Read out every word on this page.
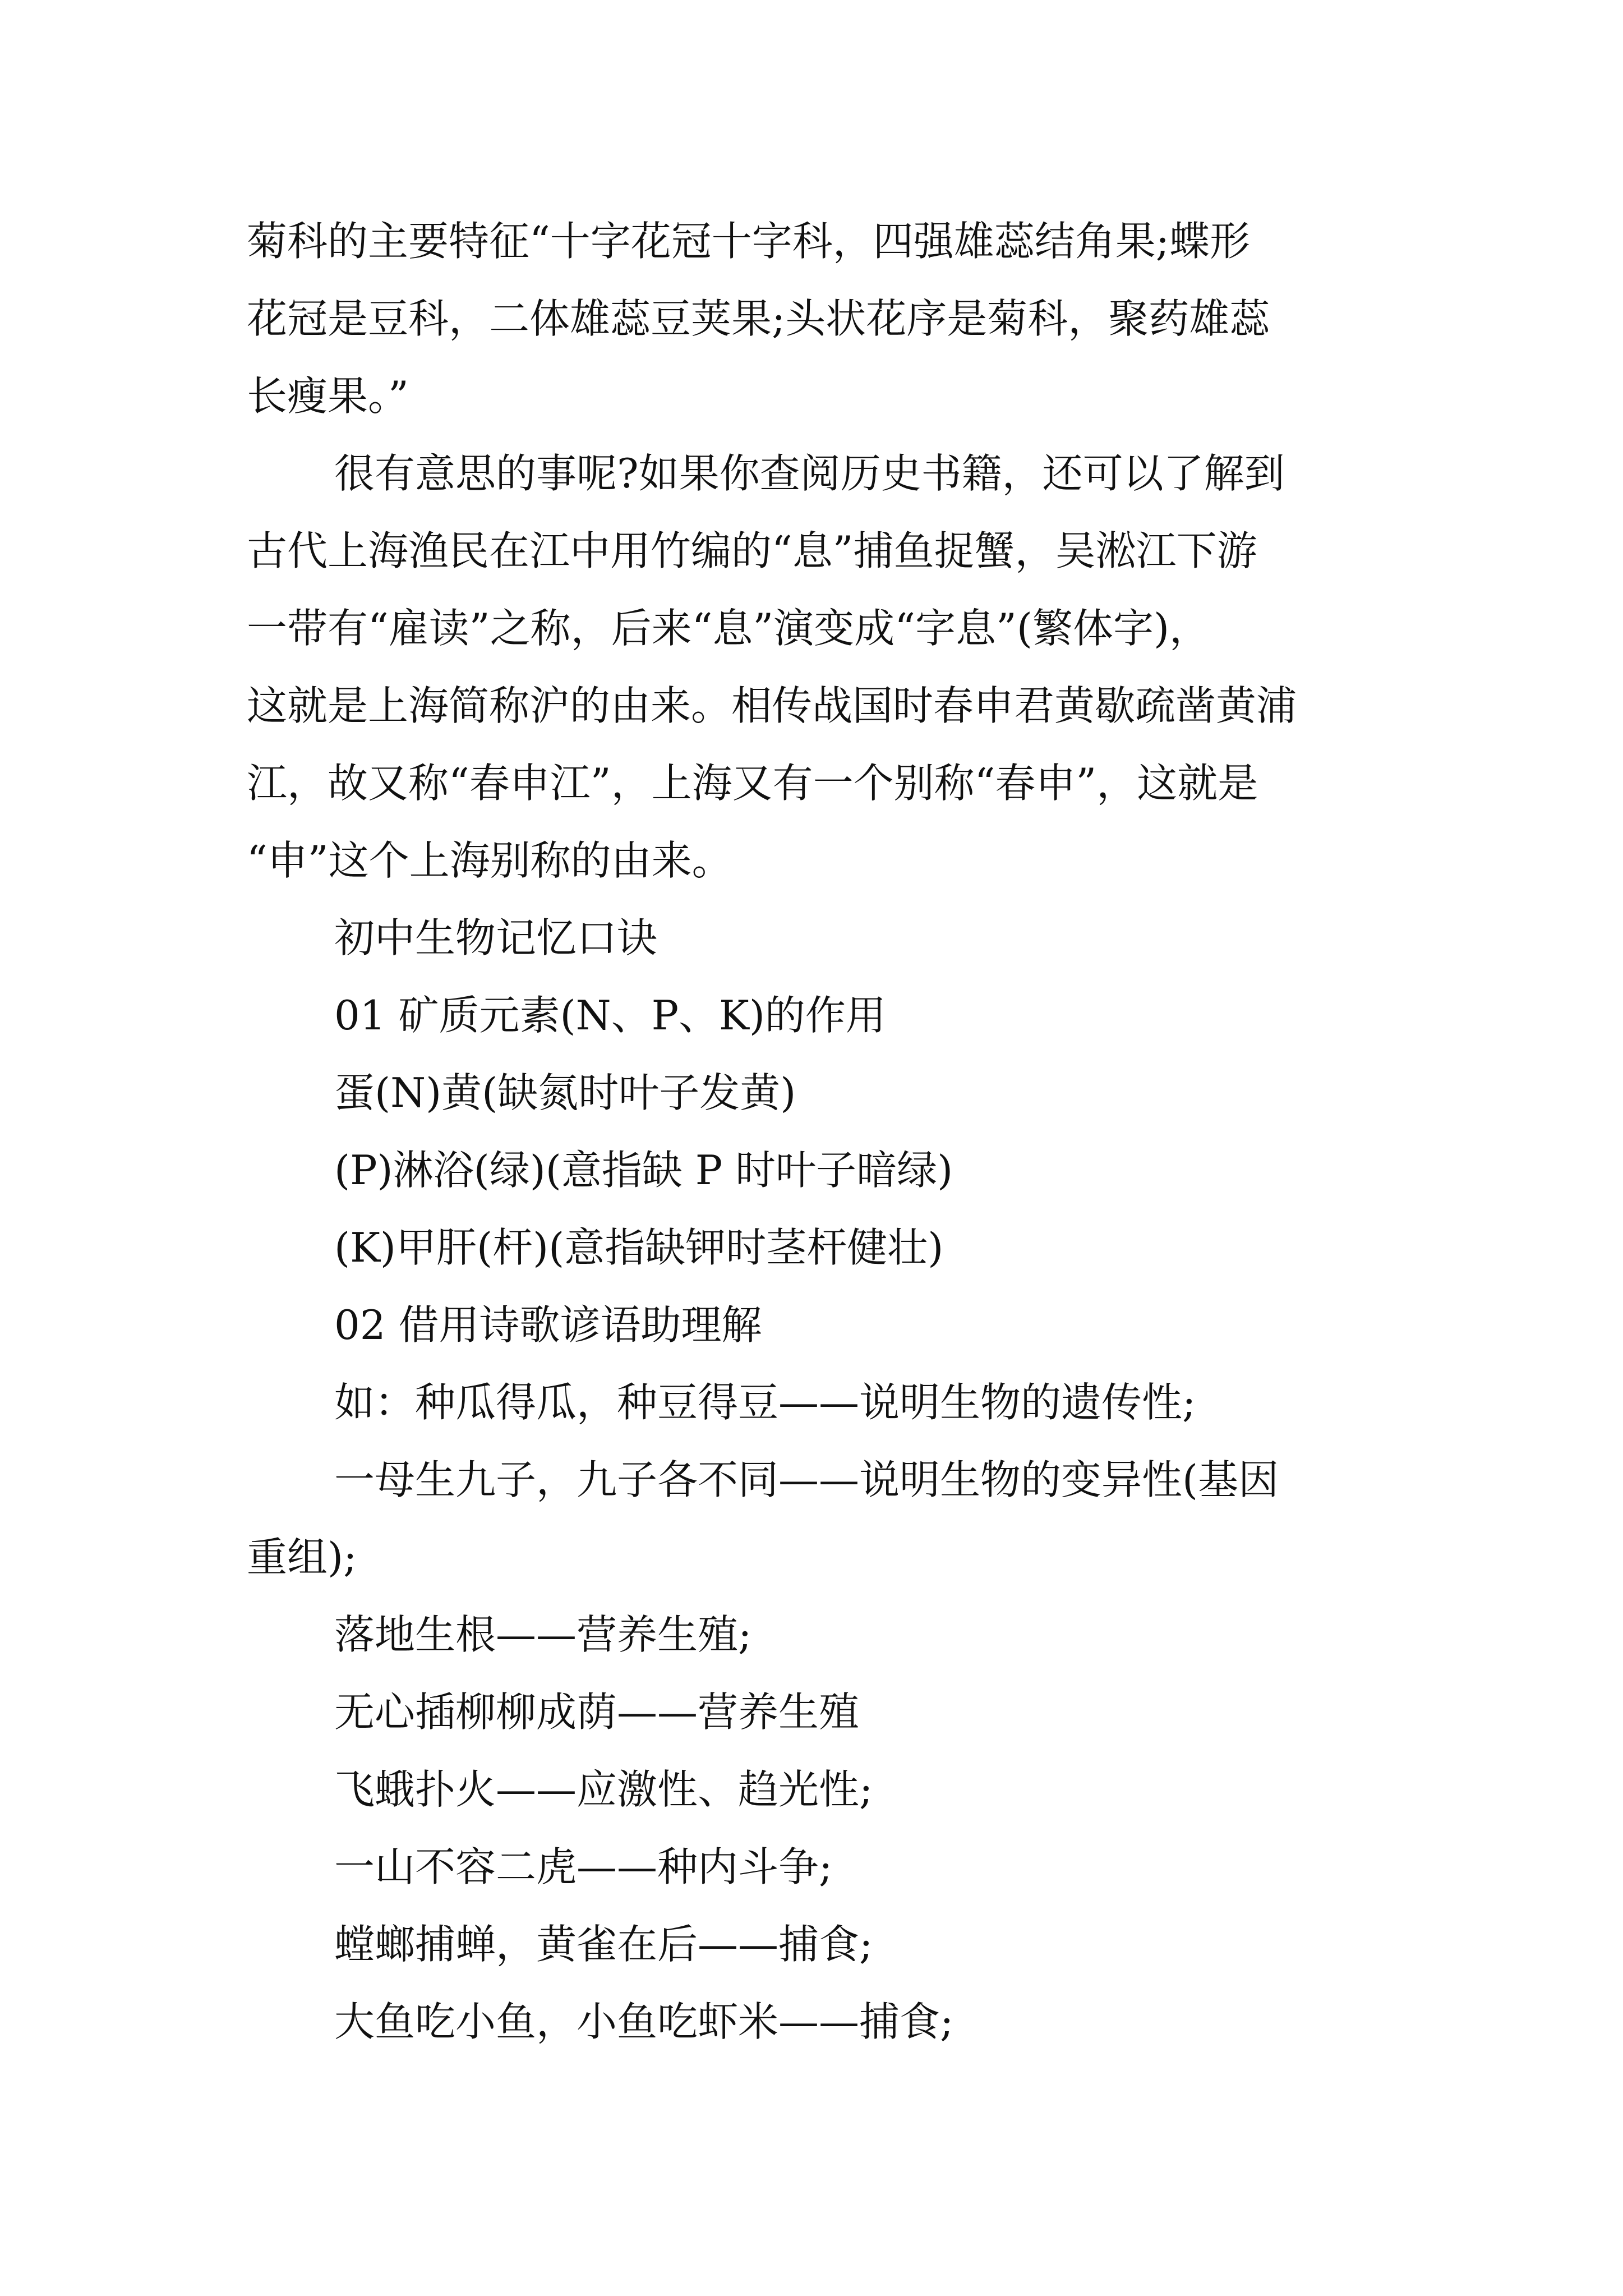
菊科的主要特征“十字花冠十字科，四强雄蕊结角果;蝶形
花冠是豆科，二体雄蕊豆荚果;头状花序是菊科，聚药雄蕊
长瘦果。”
很有意思的事呢?如果你查阅历史书籍，还可以了解到
古代上海渔民在江中用竹编的“息”捕鱼捉蟹，吴淞江下游
一带有“雇读”之称，后来“息”演变成“字息”(繁体字)，
这就是上海简称沪的由来。相传战国时春申君黄歇疏凿黄浦
江，故又称“春申江”，上海又有一个别称“春申”，这就是
“申”这个上海别称的由来。
初中生物记忆口诀
01 矿质元素(N、P、K)的作用
蛋(N)黄(缺氮时叶子发黄)
(P)淋浴(绿)(意指缺 P 时叶子暗绿)
(K)甲肝(杆)(意指缺钾时茎杆健壮)
02 借用诗歌谚语助理解
如：种瓜得瓜，种豆得豆——说明生物的遗传性;
一母生九子，九子各不同——说明生物的变异性(基因
重组);
落地生根——营养生殖;
无心插柳柳成荫——营养生殖
飞蛾扑火——应激性、趋光性;
一山不容二虎——种内斗争;
螳螂捕蝉，黄雀在后——捕食;
大鱼吃小鱼，小鱼吃虾米——捕食;
